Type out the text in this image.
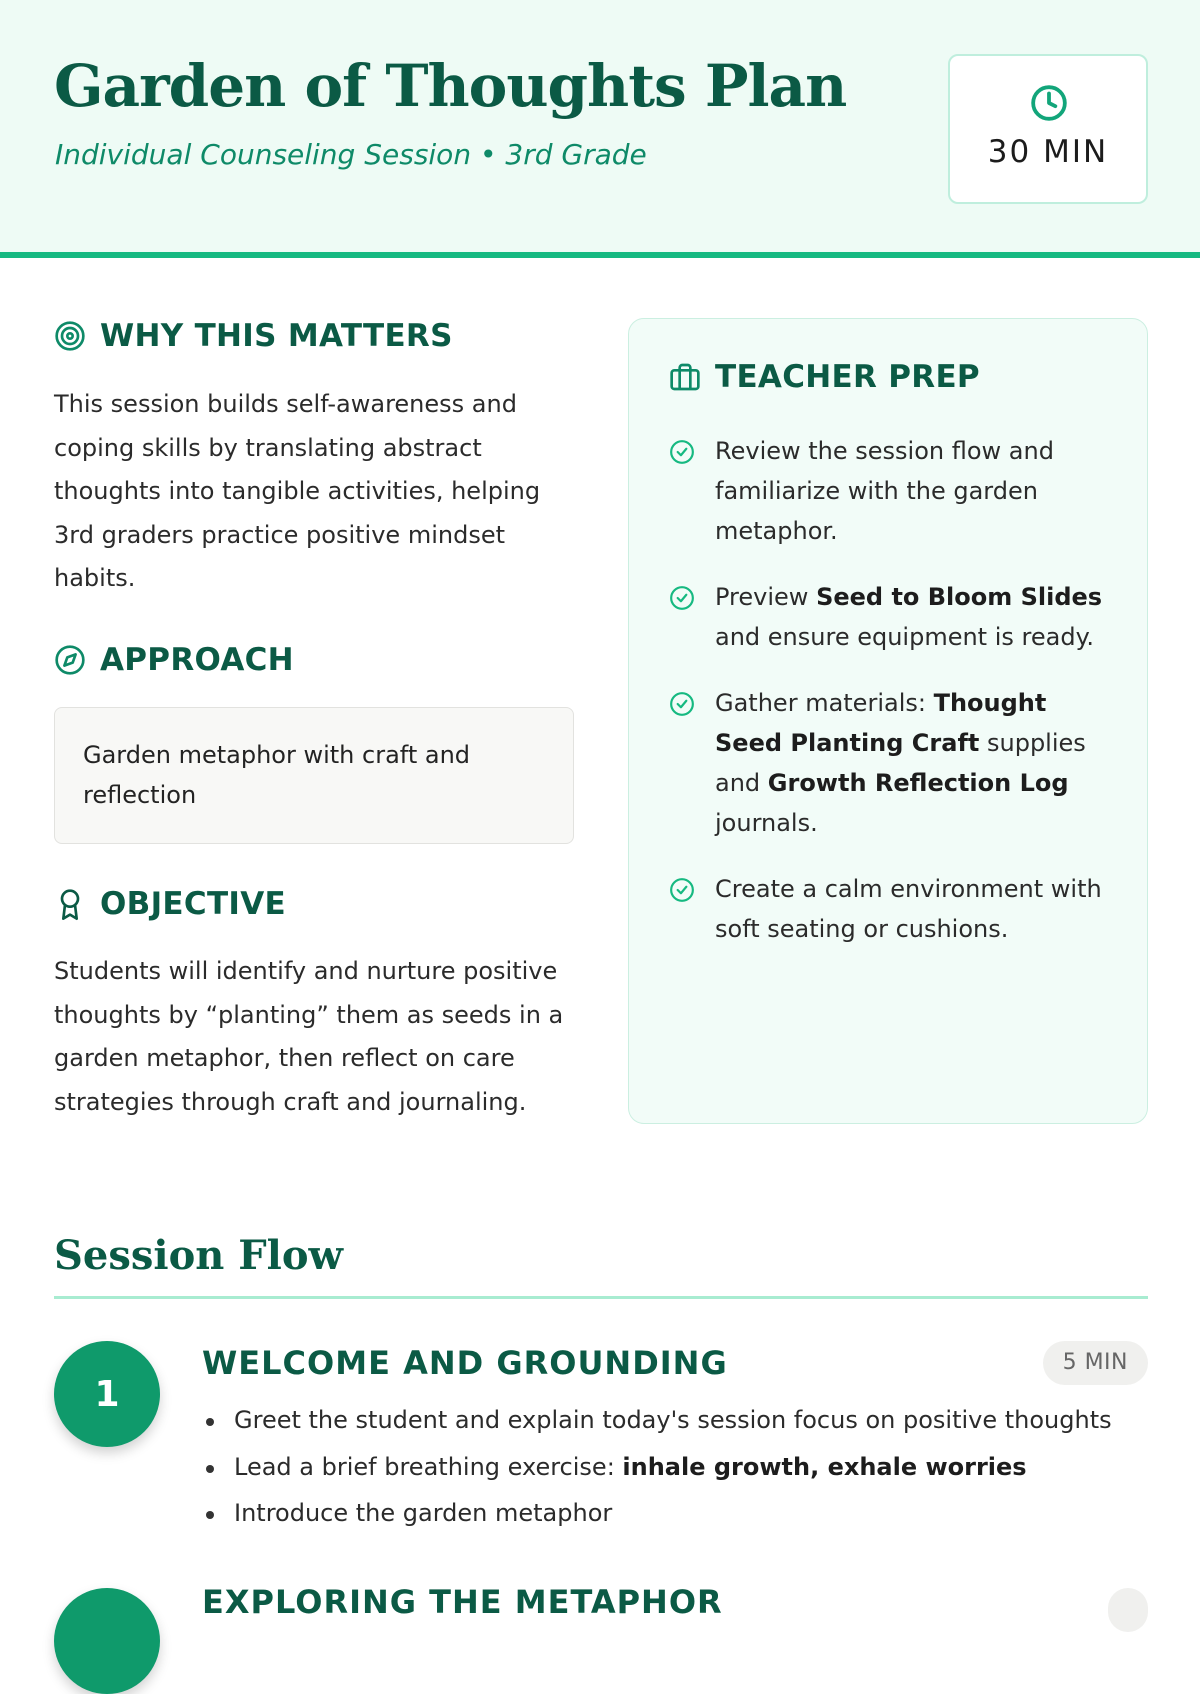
Garden of Thoughts Plan
Individual Counseling Session • 3rd Grade	30 MIN
WHY THIS MATTERS
This session builds self-awareness and coping skills by translating abstract thoughts into tangible activities, helping 3rd graders practice positive mindset habits.
APPROACH
Garden metaphor with craft and reflection
OBJECTIVE
Students will identify and nurture positive thoughts by “planting” them as seeds in a garden metaphor, then reflect on care strategies through craft and journaling.
TEACHER PREP
Review the session flow and familiarize with the garden metaphor.
Preview Seed to Bloom Slides and ensure equipment is ready.
Gather materials: Thought Seed Planting Craft supplies and Growth Reflection Log journals.
Create a calm environment with soft seating or cushions.
Session Flow
1
WELCOME AND GROUNDING	5 MIN
Greet the student and explain today's session focus on positive thoughts
Lead a brief breathing exercise: inhale growth, exhale worries
Introduce the garden metaphor
EXPLORING THE METAPHOR
